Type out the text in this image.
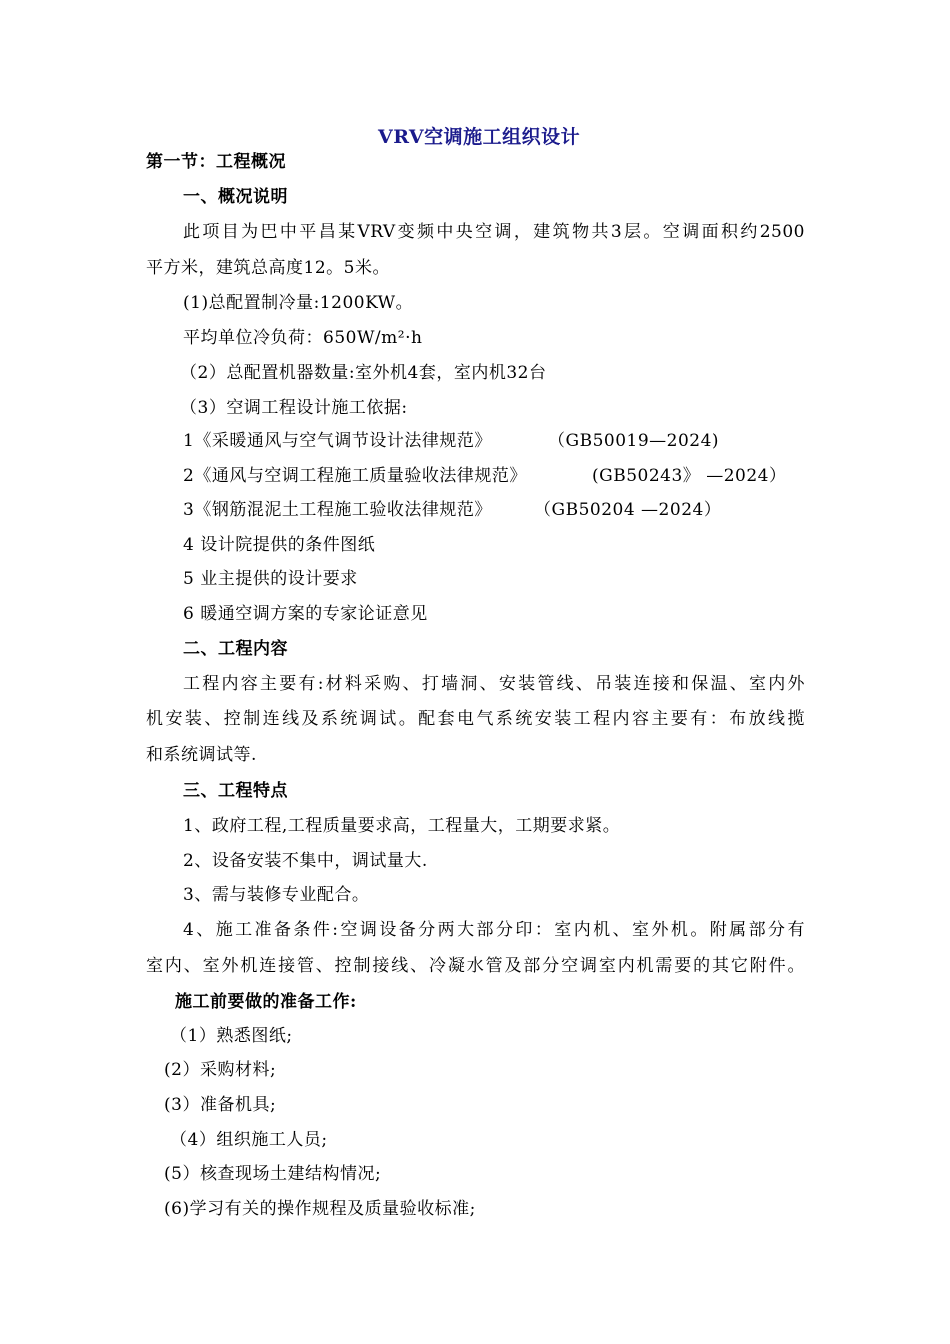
VRV空调施工组织设计
第一节：工程概况
一、概况说明
此项目为巴中平昌某VRV变频中央空调，建筑物共3层。空调面积约2500
平方米，建筑总高度12。5米。
(1)总配置制冷量:1200KW。
平均单位冷负荷：650W/m²·h
（2）总配置机器数量:室外机4套，室内机32台
（3）空调工程设计施工依据:
1《采暖通风与空气调节设计法律规范》	（GB50019—2024)
2《通风与空调工程施工质量验收法律规范》	(GB50243》 —2024）
3《钢筋混泥土工程施工验收法律规范》 （GB50204 —2024）
4 设计院提供的条件图纸
5 业主提供的设计要求
6 暖通空调方案的专家论证意见
二、工程内容
工程内容主要有:材料采购、打墙洞、安装管线、吊装连接和保温、室内外
机安装、控制连线及系统调试。配套电气系统安装工程内容主要有：布放线揽
和系统调试等.
三、工程特点
1、政府工程,工程质量要求高，工程量大，工期要求紧。
2、设备安装不集中，调试量大.
3、需与装修专业配合。
4、施工准备条件:空调设备分两大部分印：室内机、室外机。附属部分有
室内、室外机连接管、控制接线、冷凝水管及部分空调室内机需要的其它附件。
施工前要做的准备工作:
（1）熟悉图纸;
(2）采购材料;
(3）准备机具;
（4）组织施工人员;
(5）核查现场土建结构情况;
(6)学习有关的操作规程及质量验收标准;
